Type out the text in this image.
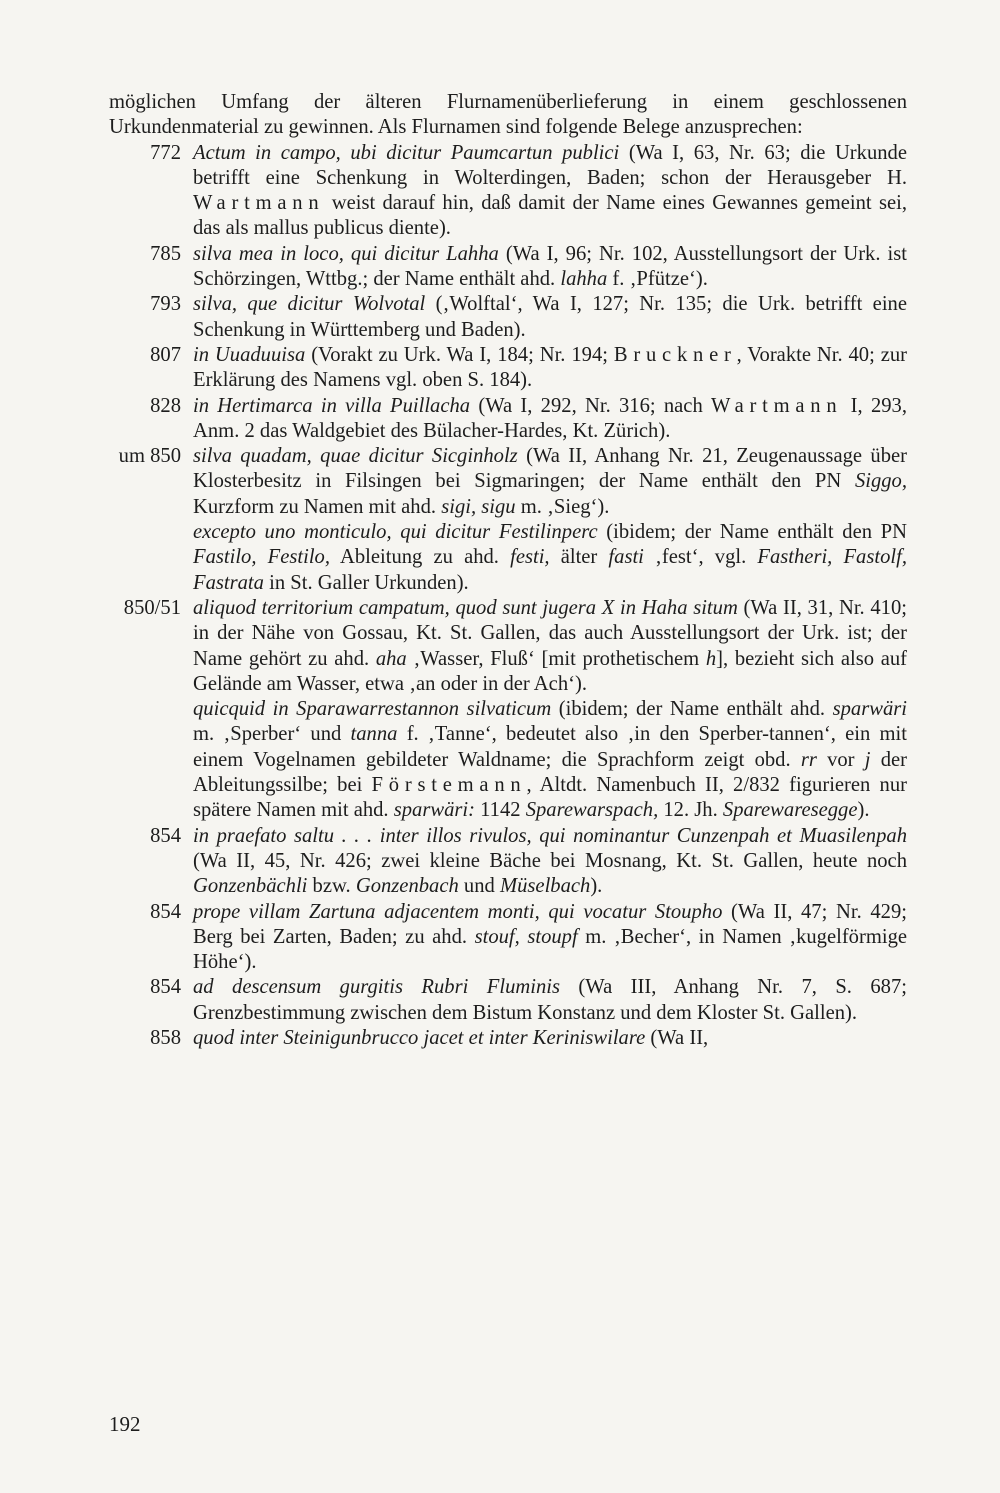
möglichen Umfang der älteren Flurnamenüberlieferung in einem geschlossenen Urkundenmaterial zu gewinnen. Als Flurnamen sind folgende Belege anzusprechen:

772 Actum in campo, ubi dicitur Paumcartun publici (Wa I, 63, Nr. 63; die Urkunde betrifft eine Schenkung in Wolterdingen, Baden; schon der Herausgeber H. Wartmann weist darauf hin, daß damit der Name eines Gewannes gemeint sei, das als mallus publicus diente).

785 silva mea in loco, qui dicitur Lahha (Wa I, 96; Nr. 102, Ausstellungsort der Urk. ist Schörzingen, Wttbg.; der Name enthält ahd. lahha f. ‚Pfütze‘).

793 silva, que dicitur Wolvotal (‚Wolftal‘, Wa I, 127; Nr. 135; die Urk. betrifft eine Schenkung in Württemberg und Baden).

807 in Uuaduuisa (Vorakt zu Urk. Wa I, 184; Nr. 194; Bruckner, Vorakte Nr. 40; zur Erklärung des Namens vgl. oben S. 184).

828 in Hertimarca in villa Puillacha (Wa I, 292, Nr. 316; nach Wartmann I, 293, Anm. 2 das Waldgebiet des Bülacher-Hardes, Kt. Zürich).

um 850 silva quadam, quae dicitur Sicginholz (Wa II, Anhang Nr. 21, Zeugenaussage über Klosterbesitz in Filsingen bei Sigmaringen; der Name enthält den PN Siggo, Kurzform zu Namen mit ahd. sigi, sigu m. ‚Sieg‘).

excepto uno monticulo, qui dicitur Festilinperc (ibidem; der Name enthält den PN Fastilo, Festilo, Ableitung zu ahd. festi, älter fasti ‚fest‘, vgl. Fastheri, Fastolf, Fastrata in St. Galler Urkunden).

850/51 aliquod territorium campatum, quod sunt jugera X in Haha situm (Wa II, 31, Nr. 410; in der Nähe von Gossau, Kt. St. Gallen, das auch Ausstellungsort der Urk. ist; der Name gehört zu ahd. aha ‚Wasser, Fluß‘ [mit prothetischem h], bezieht sich also auf Gelände am Wasser, etwa ‚an oder in der Ach‘).

quicquid in Sparawarrestannon silvaticum (ibidem; der Name enthält ahd. sparwäri m. ‚Sperber‘ und tanna f. ‚Tanne‘, bedeutet also ‚in den Sperber-tannen‘, ein mit einem Vogelnamen gebildeter Waldname; die Sprachform zeigt obd. rr vor j der Ableitungssilbe; bei Förstemann, Altdt. Namenbuch II, 2/832 figurieren nur spätere Namen mit ahd. sparwäri: 1142 Sparewarspach, 12. Jh. Sparewaresegge).

854 in praefato saltu . . . inter illos rivulos, qui nominantur Cunzenpah et Muasilenpah (Wa II, 45, Nr. 426; zwei kleine Bäche bei Mosnang, Kt. St. Gallen, heute noch Gonzenbächli bzw. Gonzenbach und Müselbach).

854 prope villam Zartuna adjacentem monti, qui vocatur Stoupho (Wa II, 47; Nr. 429; Berg bei Zarten, Baden; zu ahd. stouf, stoupf m. ‚Becher‘, in Namen ‚kugelförmige Höhe‘).

854 ad descensum gurgitis Rubri Fluminis (Wa III, Anhang Nr. 7, S. 687; Grenzbestimmung zwischen dem Bistum Konstanz und dem Kloster St. Gallen).

858 quod inter Steinigunbrucco jacet et inter Keriniswilare (Wa II,

192
